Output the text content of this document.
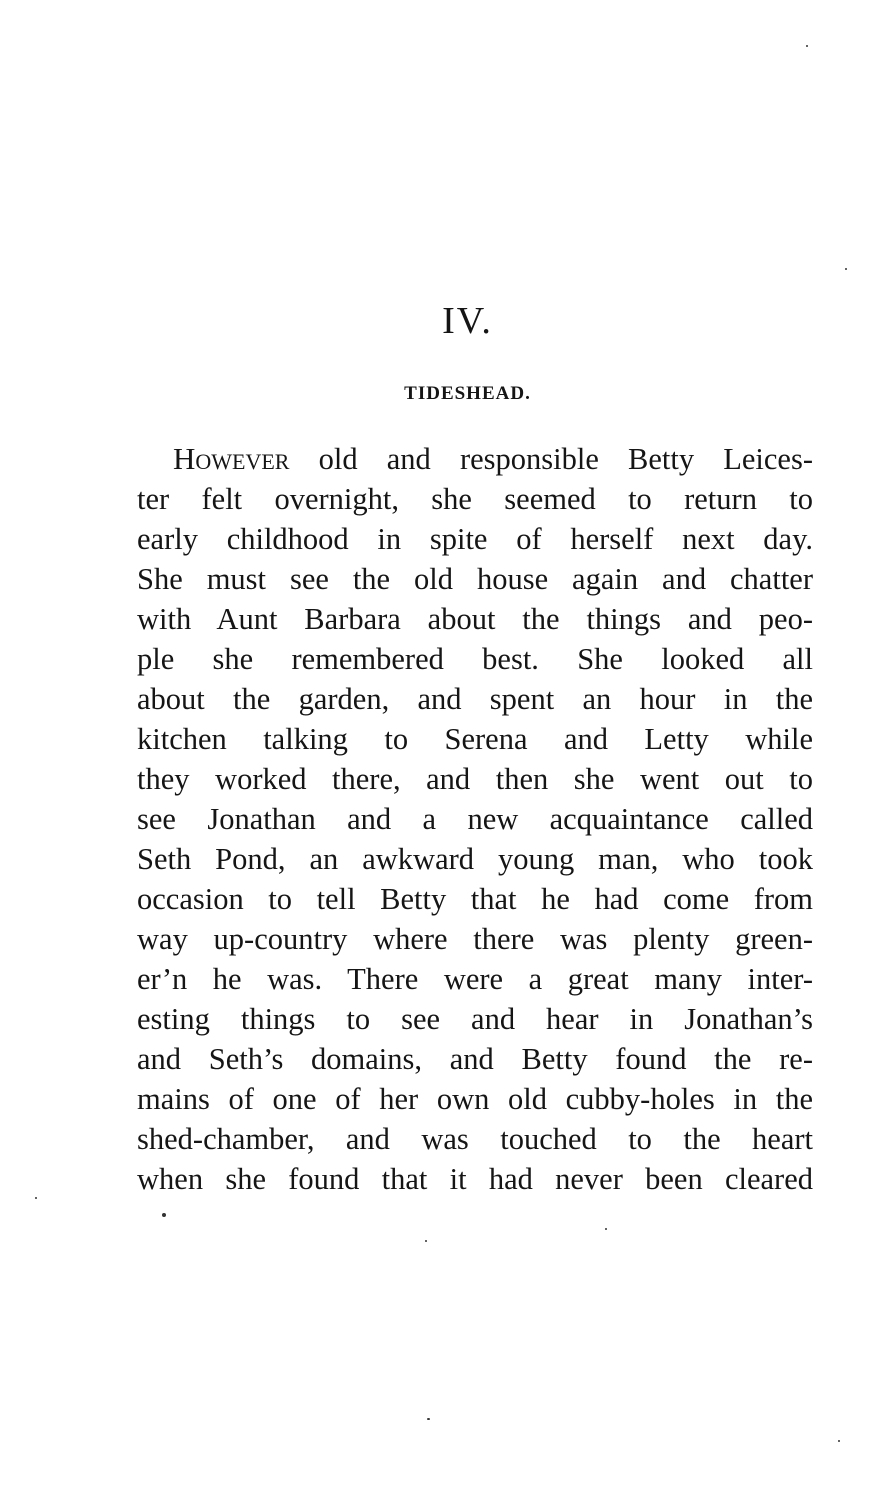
IV.
TIDESHEAD.
However old and responsible Betty Leices-
ter felt overnight, she seemed to return to
early childhood in spite of herself next day.
She must see the old house again and chatter
with Aunt Barbara about the things and peo-
ple she remembered best. She looked all
about the garden, and spent an hour in the
kitchen talking to Serena and Letty while
they worked there, and then she went out to
see Jonathan and a new acquaintance called
Seth Pond, an awkward young man, who took
occasion to tell Betty that he had come from
way up-country where there was plenty green-
er’n he was. There were a great many inter-
esting things to see and hear in Jonathan’s
and Seth’s domains, and Betty found the re-
mains of one of her own old cubby-holes in the
shed-chamber, and was touched to the heart
when she found that it had never been cleared
